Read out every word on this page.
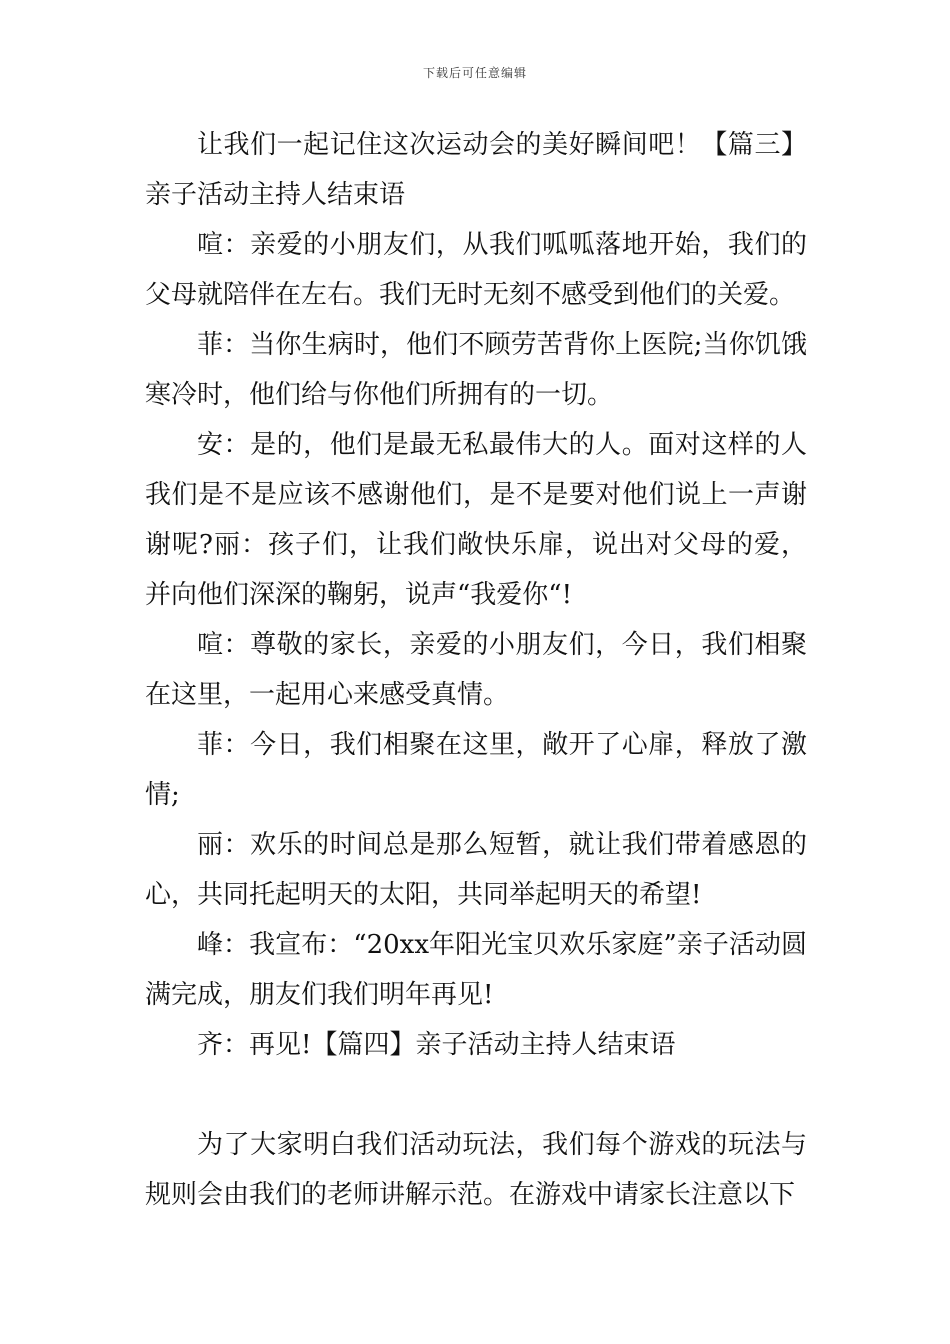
下载后可任意编辑

让我们一起记住这次运动会的美好瞬间吧！【篇三】亲子活动主持人结束语

喧：亲爱的小朋友们，从我们呱呱落地开始，我们的父母就陪伴在左右。我们无时无刻不感受到他们的关爱。

菲：当你生病时，他们不顾劳苦背你上医院;当你饥饿寒冷时，他们给与你他们所拥有的一切。

安：是的，他们是最无私最伟大的人。面对这样的人我们是不是应该不感谢他们，是不是要对他们说上一声谢谢呢?丽：孩子们，让我们敞快乐扉，说出对父母的爱，并向他们深深的鞠躬，说声“我爱你“!

喧：尊敬的家长，亲爱的小朋友们，今日，我们相聚在这里，一起用心来感受真情。

菲：今日，我们相聚在这里，敞开了心扉，释放了激情;

丽：欢乐的时间总是那么短暂，就让我们带着感恩的心，共同托起明天的太阳，共同举起明天的希望!

峰：我宣布：“20xx年阳光宝贝欢乐家庭”亲子活动圆满完成，朋友们我们明年再见!

齐：再见!【篇四】亲子活动主持人结束语

为了大家明白我们活动玩法，我们每个游戏的玩法与规则会由我们的老师讲解示范。在游戏中请家长注意以下
